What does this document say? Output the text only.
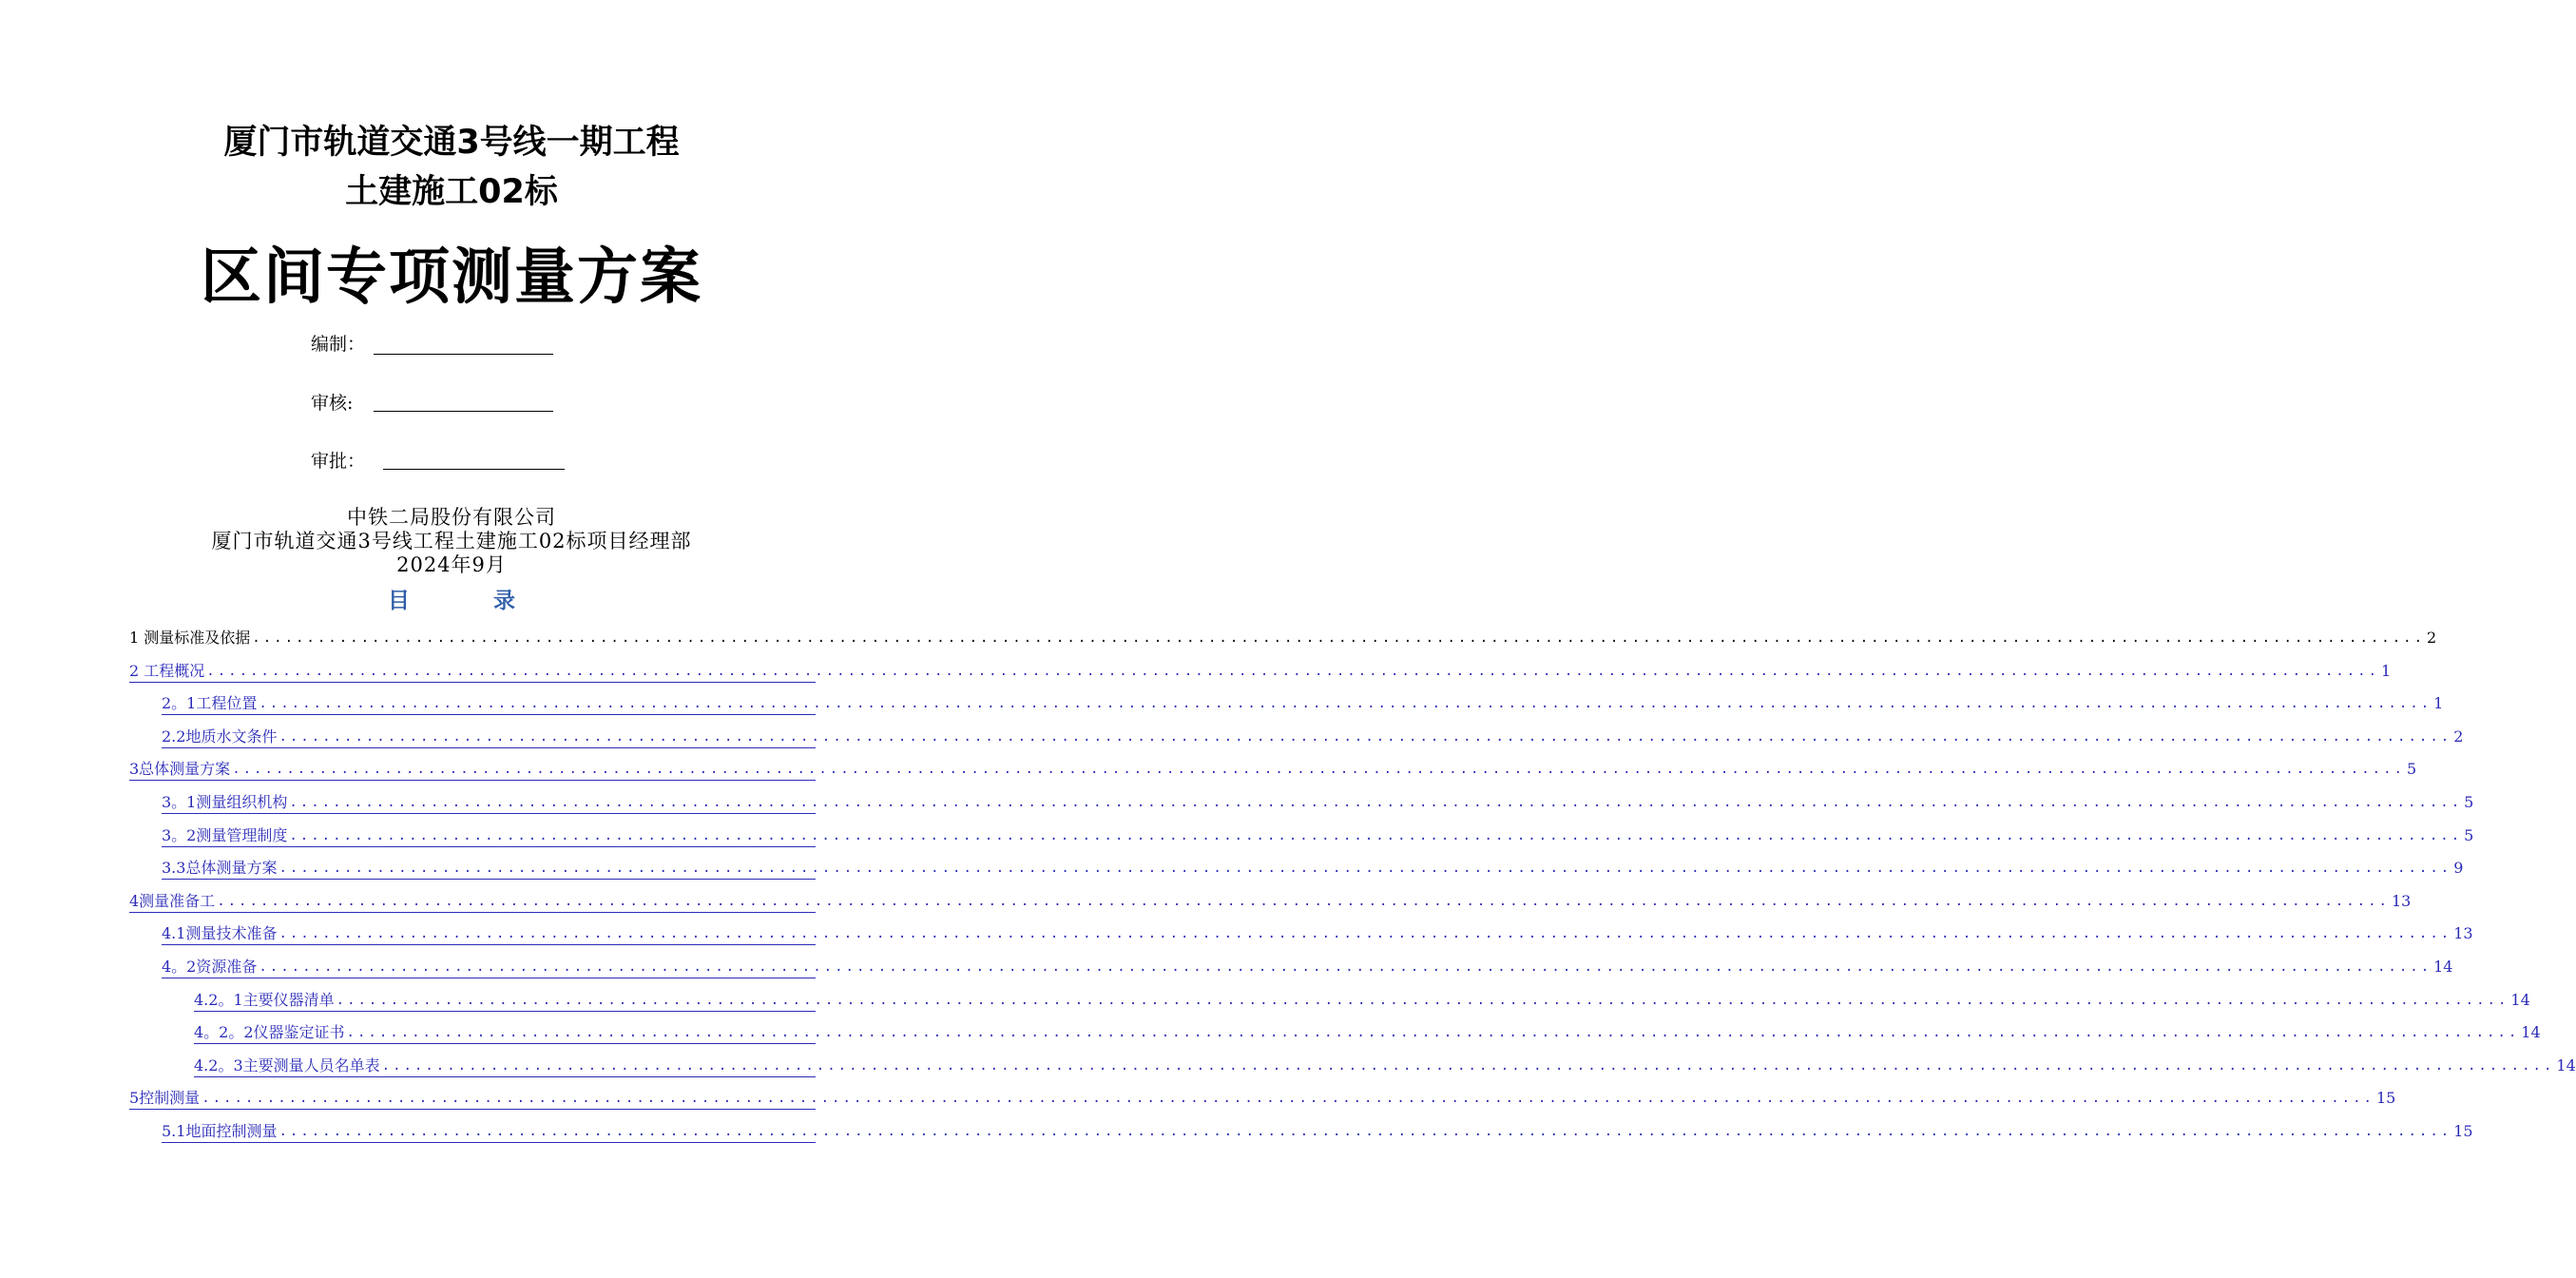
厦门市轨道交通3号线一期工程
土建施工02标
区间专项测量方案
编制：
审核:
审批：
中铁二局股份有限公司
厦门市轨道交通3号线工程土建施工02标项目经理部
2024年9月
目 录
1 测量标准及依据 ........................................................................................................................................................................................................ 2
2 工程概况 ........................................................................................................................................................................................................ 1
2。1工程位置 ........................................................................................................................................................................................................ 1
2.2地质水文条件 ........................................................................................................................................................................................................ 2
3总体测量方案 ........................................................................................................................................................................................................ 5
3。1测量组织机构 ........................................................................................................................................................................................................ 5
3。2测量管理制度 ........................................................................................................................................................................................................ 5
3.3总体测量方案 ........................................................................................................................................................................................................ 9
4测量准备工 ........................................................................................................................................................................................................ 13
4.1测量技术准备 ........................................................................................................................................................................................................ 13
4。2资源准备 ........................................................................................................................................................................................................ 14
4.2。1主要仪器清单 ........................................................................................................................................................................................................ 14
4。2。2仪器鉴定证书 ........................................................................................................................................................................................................ 14
4.2。3主要测量人员名单表 ........................................................................................................................................................................................................ 14
5控制测量 ........................................................................................................................................................................................................ 15
5.1地面控制测量 ........................................................................................................................................................................................................ 15
